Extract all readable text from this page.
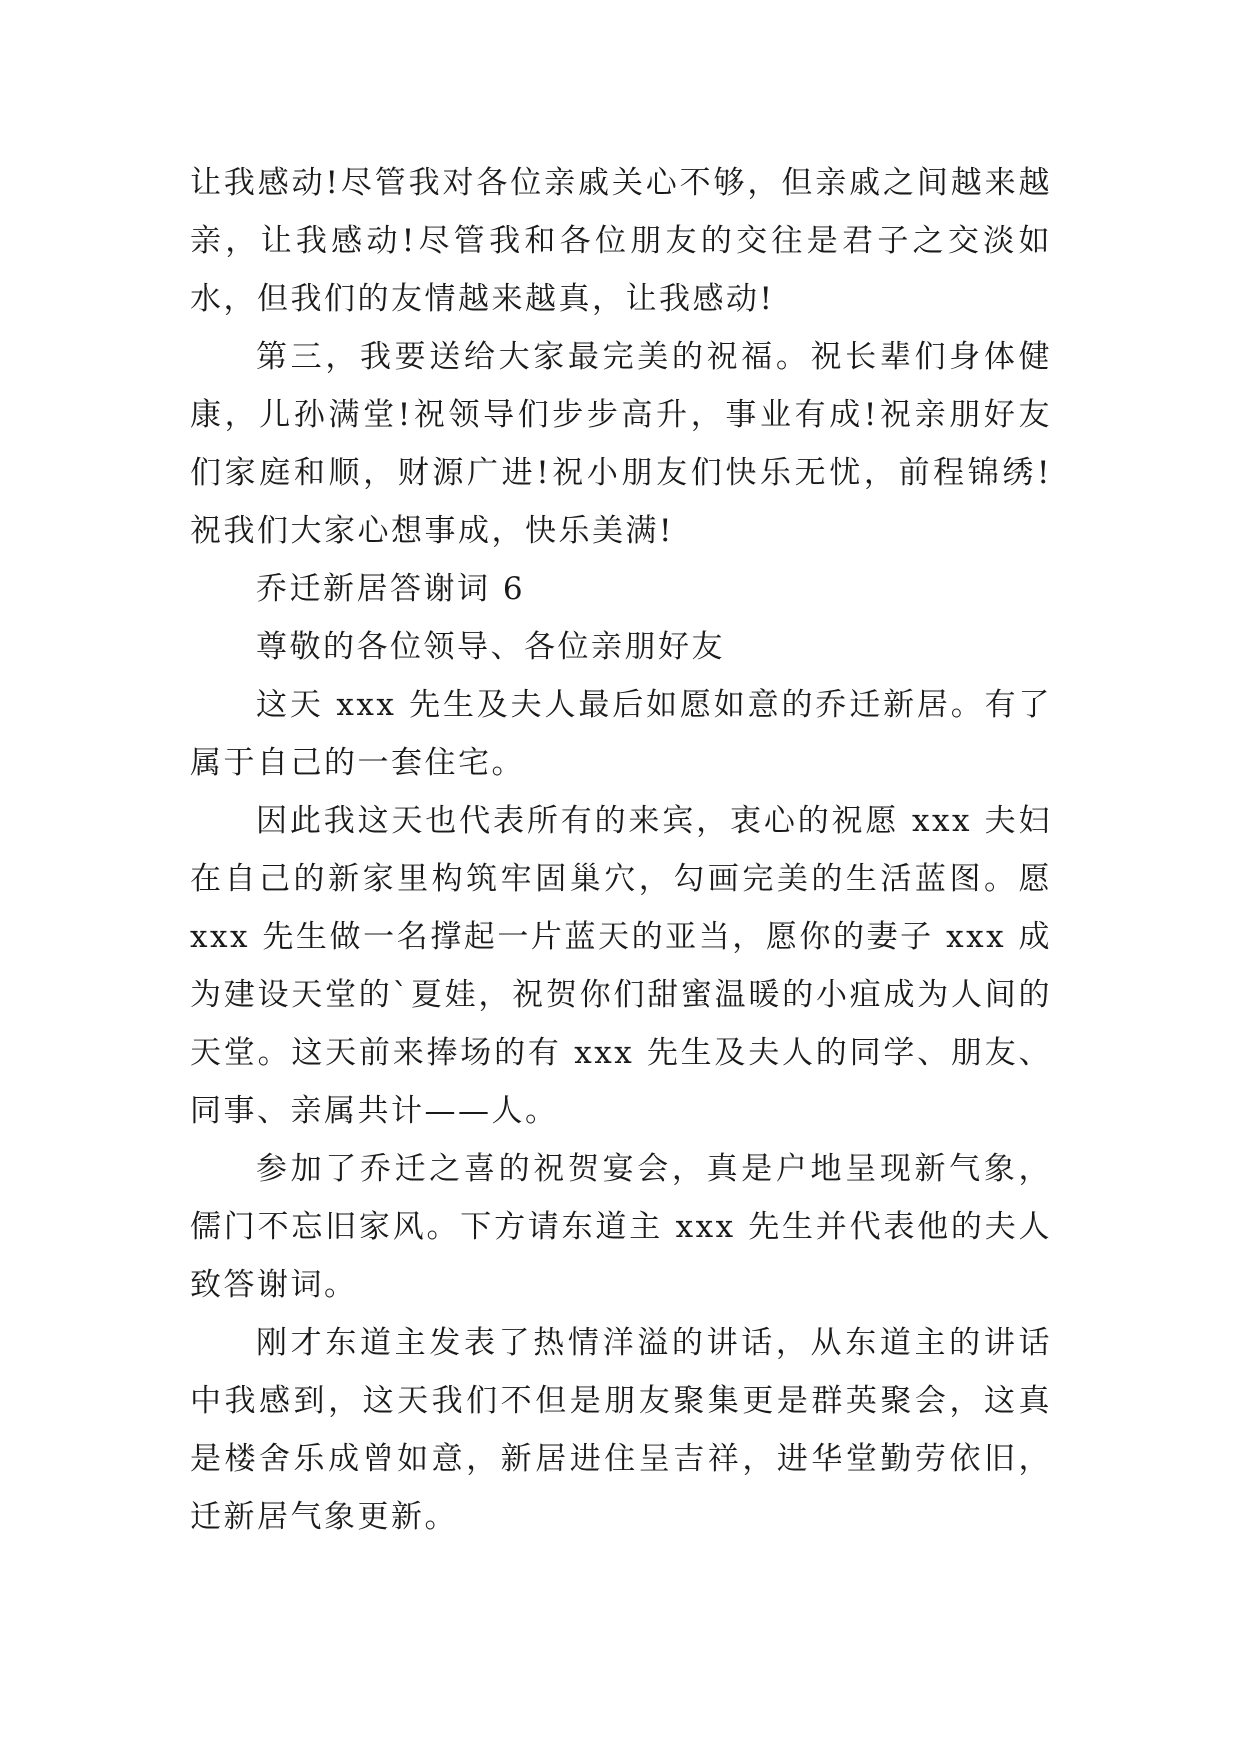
让我感动!尽管我对各位亲戚关心不够，但亲戚之间越来越亲，让我感动!尽管我和各位朋友的交往是君子之交淡如水，但我们的友情越来越真，让我感动!

第三，我要送给大家最完美的祝福。祝长辈们身体健康，儿孙满堂!祝领导们步步高升，事业有成!祝亲朋好友们家庭和顺，财源广进!祝小朋友们快乐无忧，前程锦绣!祝我们大家心想事成，快乐美满!

乔迁新居答谢词 6

尊敬的各位领导、各位亲朋好友

这天 xxx 先生及夫人最后如愿如意的乔迁新居。有了属于自己的一套住宅。

因此我这天也代表所有的来宾，衷心的祝愿 xxx 夫妇在自己的新家里构筑牢固巢穴，勾画完美的生活蓝图。愿 xxx 先生做一名撑起一片蓝天的亚当，愿你的妻子 xxx 成为建设天堂的`夏娃，祝贺你们甜蜜温暖的小疽成为人间的天堂。这天前来捧场的有 xxx 先生及夫人的同学、朋友、同事、亲属共计——人。

参加了乔迁之喜的祝贺宴会，真是户地呈现新气象，儒门不忘旧家风。下方请东道主 xxx 先生并代表他的夫人致答谢词。

刚才东道主发表了热情洋溢的讲话，从东道主的讲话中我感到，这天我们不但是朋友聚集更是群英聚会，这真是楼舍乐成曾如意，新居进住呈吉祥，进华堂勤劳依旧，迁新居气象更新。
